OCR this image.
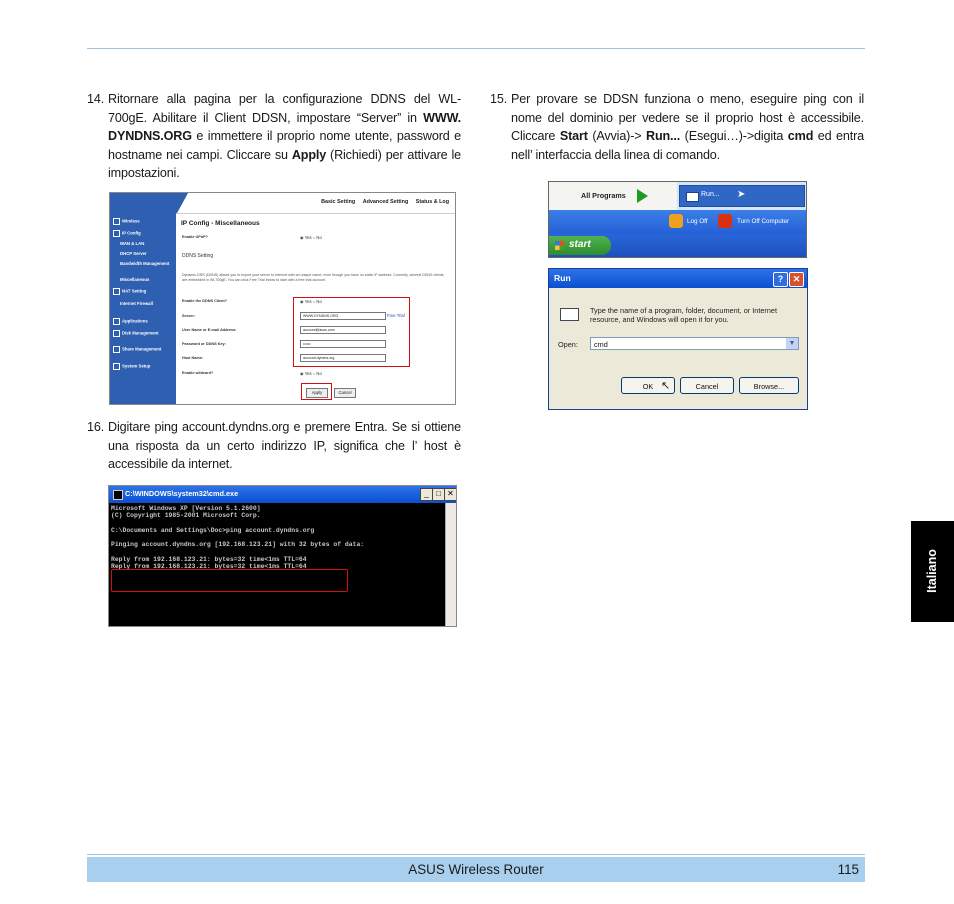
14. Ritornare alla pagina per la configurazione DDNS del WL-700gE. Abilitare il Client DDSN, impostare “Server” in WWW. DYNDNS.ORG e immettere il proprio nome utente, password e hostname nei campi. Cliccare su Apply (Richiedi) per attivare le impostazioni.
15. Per provare se DDSN funziona o meno, eseguire ping con il nome del dominio per vedere se il proprio host è accessibile. Cliccare Start (Avvia)-> Run... (Esegui…)->digita cmd ed entra nell’ interfaccia della linea di comando.
16. Digitare ping account.dyndns.org e premere Entra. Se si ottiene una risposta da un certo indirizzo IP, significa che l’ host è accessibile da internet.
Basic Setting Advanced Setting Status & Log
Wireless
IP Config
WAN & LAN
DHCP Server
Bandwidth Management
Miscellaneous
NAT Setting
Internet Firewall
Applications
Disk Management
Share Management
System Setup
IP Config - Miscellaneous
Enable UPnP?	◉ Yes ○ No
DDNS Setting
Dynamic-DNS (DDNS) allows you to export your server to Internet with an unique name, even though you have no static IP address. Currently, several DDNS clients are embedded in WL700gE. You can click Free Trial below to start with a free trial account.
Enable the DDNS Client?	◉ Yes ○ No
Server:	WWW.DYNDNS.ORG	Free Trial
User Name or E-mail Address:	account@asus.com
Password or DDNS Key:	••••••
Host Name:	account.dyndns.org
Enable wildcard?	◉ Yes ○ No
Apply	Cancel
All Programs	Run... ➤
Log Off	Turn Off Computer
start
Run	?	✕
Type the name of a program, folder, document, or Internet resource, and Windows will open it for you.
Open:	cmd	▼
OK	Cancel	Browse...
↖
C:\WINDOWS\system32\cmd.exe	_ □ ✕
Microsoft Windows XP [Version 5.1.2600]
(C) Copyright 1985-2001 Microsoft Corp.

C:\Documents and Settings\Doc>ping account.dyndns.org

Pinging account.dyndns.org [192.168.123.21] with 32 bytes of data:

Reply from 192.168.123.21: bytes=32 time<1ms TTL=64
Reply from 192.168.123.21: bytes=32 time<1ms TTL=64	Italiano
ASUS Wireless Router	115
